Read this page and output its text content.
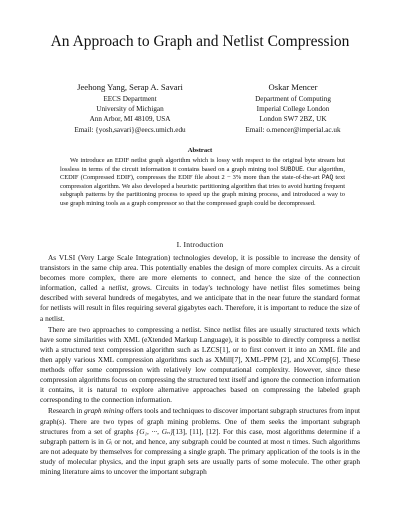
An Approach to Graph and Netlist Compression
Jeehong Yang, Serap A. Savari
EECS Department
University of Michigan
Ann Arbor, MI 48109, USA
Email: {yosh,savari}@eecs.umich.edu
Oskar Mencer
Department of Computing
Imperial College London
London SW7 2BZ, UK
Email: o.mencer@imperial.ac.uk
Abstract

We introduce an EDIF netlist graph algorithm which is lossy with respect to the original byte stream but lossless in terms of the circuit information it contains based on a graph mining tool SUBDUE. Our algorithm, CEDIF (Compressed EDIF), compresses the EDIF file about 2 − 3% more than the state-of-the-art PAQ text compression algorithm. We also developed a heuristic partitioning algorithm that tries to avoid hurting frequent subgraph patterns by the partitioning process to speed up the graph mining process, and introduced a way to use graph mining tools as a graph compressor so that the compressed graph could be decompressed.

I. Introduction

As VLSI (Very Large Scale Integration) technologies develop, it is possible to increase the density of transistors in the same chip area. This potentially enables the design of more complex circuits. As a circuit becomes more complex, there are more elements to connect, and hence the size of the connection information, called a netlist, grows. Circuits in today's technology have netlist files sometimes being described with several hundreds of megabytes, and we anticipate that in the near future the standard format for netlists will result in files requiring several gigabytes each. Therefore, it is important to reduce the size of a netlist.

There are two approaches to compressing a netlist. Since netlist files are usually structured texts which have some similarities with XML (eXtended Markup Language), it is possible to directly compress a netlist with a structured text compression algorithm such as LZCS[1], or to first convert it into an XML file and then apply various XML compression algorithms such as XMill[7], XML-PPM [2], and XComp[6]. These methods offer some compression with relatively low computational complexity. However, since these compression algorithms focus on compressing the structured text itself and ignore the connection information it contains, it is natural to explore alternative approaches based on compressing the labeled graph corresponding to the connection information.

Research in graph mining offers tools and techniques to discover important subgraph structures from input graph(s). There are two types of graph mining problems. One of them seeks the important subgraph structures from a set of graphs {G₁, ···, Gₙ}[13], [11], [12]. For this case, most algorithms determine if a subgraph pattern is in Gᵢ or not, and hence, any subgraph could be counted at most n times. Such algorithms are not adequate by themselves for compressing a single graph. The primary application of the tools is in the study of molecular physics, and the input graph sets are usually parts of some molecule. The other graph mining literature aims to uncover the important subgraph
